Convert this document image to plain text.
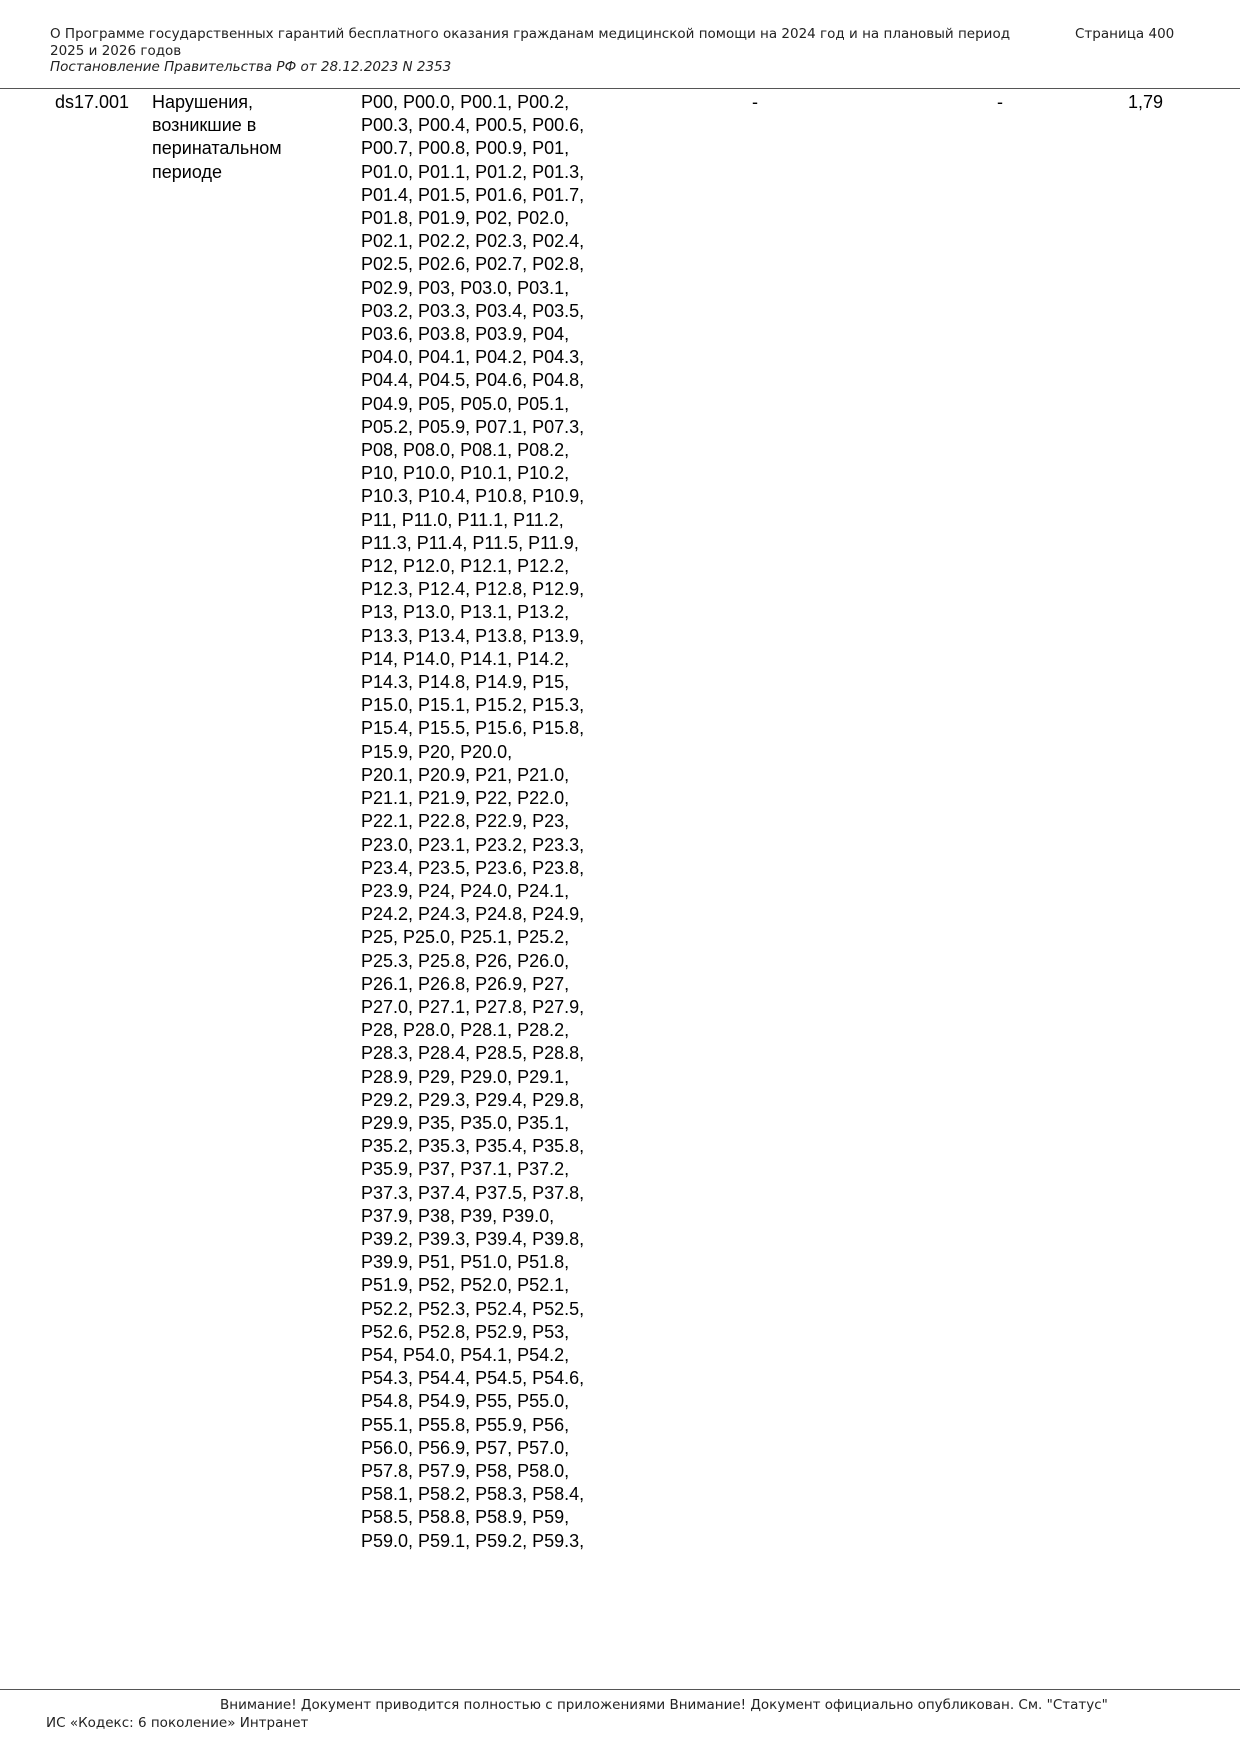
О Программе государственных гарантий бесплатного оказания гражданам медицинской помощи на 2024 год и на плановый период 2025 и 2026 годов
Постановление Правительства РФ от 28.12.2023 N 2353
Страница 400
ds17.001 Нарушения, возникшие в перинатальном периоде
P00, P00.0, P00.1, P00.2,
P00.3, P00.4, P00.5, P00.6,
P00.7, P00.8, P00.9, P01,
P01.0, P01.1, P01.2, P01.3,
P01.4, P01.5, P01.6, P01.7,
P01.8, P01.9, P02, P02.0,
P02.1, P02.2, P02.3, P02.4,
P02.5, P02.6, P02.7, P02.8,
P02.9, P03, P03.0, P03.1,
P03.2, P03.3, P03.4, P03.5,
P03.6, P03.8, P03.9, P04,
P04.0, P04.1, P04.2, P04.3,
P04.4, P04.5, P04.6, P04.8,
P04.9, P05, P05.0, P05.1,
P05.2, P05.9, P07.1, P07.3,
P08, P08.0, P08.1, P08.2,
P10, P10.0, P10.1, P10.2,
P10.3, P10.4, P10.8, P10.9,
P11, P11.0, P11.1, P11.2,
P11.3, P11.4, P11.5, P11.9,
P12, P12.0, P12.1, P12.2,
P12.3, P12.4, P12.8, P12.9,
P13, P13.0, P13.1, P13.2,
P13.3, P13.4, P13.8, P13.9,
P14, P14.0, P14.1, P14.2,
P14.3, P14.8, P14.9, P15,
P15.0, P15.1, P15.2, P15.3,
P15.4, P15.5, P15.6, P15.8,
P15.9, P20, P20.0,
P20.1, P20.9, P21, P21.0,
P21.1, P21.9, P22, P22.0,
P22.1, P22.8, P22.9, P23,
P23.0, P23.1, P23.2, P23.3,
P23.4, P23.5, P23.6, P23.8,
P23.9, P24, P24.0, P24.1,
P24.2, P24.3, P24.8, P24.9,
P25, P25.0, P25.1, P25.2,
P25.3, P25.8, P26, P26.0,
P26.1, P26.8, P26.9, P27,
P27.0, P27.1, P27.8, P27.9,
P28, P28.0, P28.1, P28.2,
P28.3, P28.4, P28.5, P28.8,
P28.9, P29, P29.0, P29.1,
P29.2, P29.3, P29.4, P29.8,
P29.9, P35, P35.0, P35.1,
P35.2, P35.3, P35.4, P35.8,
P35.9, P37, P37.1, P37.2,
P37.3, P37.4, P37.5, P37.8,
P37.9, P38, P39, P39.0,
P39.2, P39.3, P39.4, P39.8,
P39.9, P51, P51.0, P51.8,
P51.9, P52, P52.0, P52.1,
P52.2, P52.3, P52.4, P52.5,
P52.6, P52.8, P52.9, P53,
P54, P54.0, P54.1, P54.2,
P54.3, P54.4, P54.5, P54.6,
P54.8, P54.9, P55, P55.0,
P55.1, P55.8, P55.9, P56,
P56.0, P56.9, P57, P57.0,
P57.8, P57.9, P58, P58.0,
P58.1, P58.2, P58.3, P58.4,
P58.5, P58.8, P58.9, P59,
P59.0, P59.1, P59.2, P59.3,
-	-	1,79
Внимание! Документ приводится полностью с приложениями Внимание! Документ официально опубликован. См. "Статус"
ИС «Кодекс: 6 поколение» Интранет
